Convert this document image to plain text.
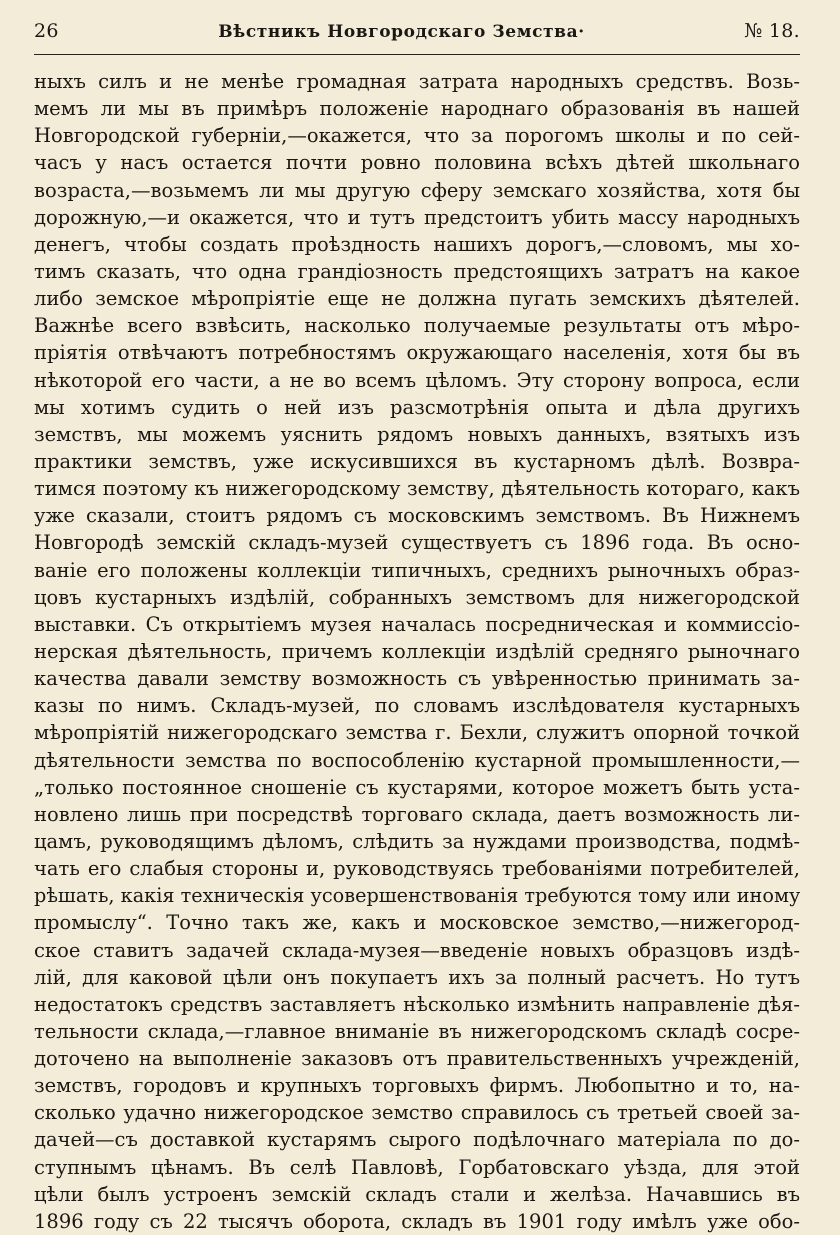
26	Вѣстникъ Новгородскаго Земства·	№ 18.
ныхъ силъ и не менѣе громадная затрата народныхъ средствъ. Возь-
мемъ ли мы въ примѣръ положеніе народнаго образованія въ нашей
Новгородской губерніи,—окажется, что за порогомъ школы и по сей-
часъ у насъ остается почти ровно половина всѣхъ дѣтей школьнаго
возраста,—возьмемъ ли мы другую сферу земскаго хозяйства, хотя бы
дорожную,—и окажется, что и тутъ предстоитъ убить массу народныхъ
денегъ, чтобы создать проѣздность нашихъ дорогъ,—словомъ, мы хо-
тимъ сказать, что одна грандіозность предстоящихъ затратъ на какое
либо земское мѣропріятіе еще не должна пугать земскихъ дѣятелей.
Важнѣе всего взвѣсить, насколько получаемые результаты отъ мѣро-
пріятія отвѣчаютъ потребностямъ окружающаго населенія, хотя бы въ
нѣкоторой его части, а не во всемъ цѣломъ. Эту сторону вопроса, если
мы хотимъ судить о ней изъ разсмотрѣнія опыта и дѣла другихъ
земствъ, мы можемъ уяснить рядомъ новыхъ данныхъ, взятыхъ изъ
практики земствъ, уже искусившихся въ кустарномъ дѣлѣ. Возвра-
тимся поэтому къ нижегородскому земству, дѣятельность котораго, какъ
уже сказали, стоитъ рядомъ съ московскимъ земствомъ. Въ Нижнемъ
Новгородѣ земскій складъ-музей существуетъ съ 1896 года. Въ осно-
ваніе его положены коллекціи типичныхъ, среднихъ рыночныхъ образ-
цовъ кустарныхъ издѣлій, собранныхъ земствомъ для нижегородской
выставки. Съ открытіемъ музея началась посредническая и коммиссіо-
нерская дѣятельность, причемъ коллекціи издѣлій средняго рыночнаго
качества давали земству возможность съ увѣренностью принимать за-
казы по нимъ. Складъ-музей, по словамъ изслѣдователя кустарныхъ
мѣропріятій нижегородскаго земства г. Бехли, служитъ опорной точкой
дѣятельности земства по воспособленію кустарной промышленности,—
„только постоянное сношеніе съ кустарями, которое можетъ быть уста-
новлено лишь при посредствѣ торговаго склада, даетъ возможность ли-
цамъ, руководящимъ дѣломъ, слѣдить за нуждами производства, подмѣ-
чать его слабыя стороны и, руководствуясь требованіями потребителей,
рѣшать, какія техническія усовершенствованія требуются тому или иному
промыслу“. Точно такъ же, какъ и московское земство,—нижегород-
ское ставитъ задачей склада-музея—введеніе новыхъ образцовъ издѣ-
лій, для каковой цѣли онъ покупаетъ ихъ за полный расчетъ. Но тутъ
недостатокъ средствъ заставляетъ нѣсколько измѣнить направленіе дѣя-
тельности склада,—главное вниманіе въ нижегородскомъ складѣ сосре-
доточено на выполненіе заказовъ отъ правительственныхъ учрежденій,
земствъ, городовъ и крупныхъ торговыхъ фирмъ. Любопытно и то, на-
сколько удачно нижегородское земство справилось съ третьей своей за-
дачей—съ доставкой кустарямъ сырого подѣлочнаго матеріала по до-
ступнымъ цѣнамъ. Въ селѣ Павловѣ, Горбатовскаго уѣзда, для этой
цѣли былъ устроенъ земскій складъ стали и желѣза. Начавшись въ
1896 году съ 22 тысячъ оборота, складъ въ 1901 году имѣлъ уже обо-
